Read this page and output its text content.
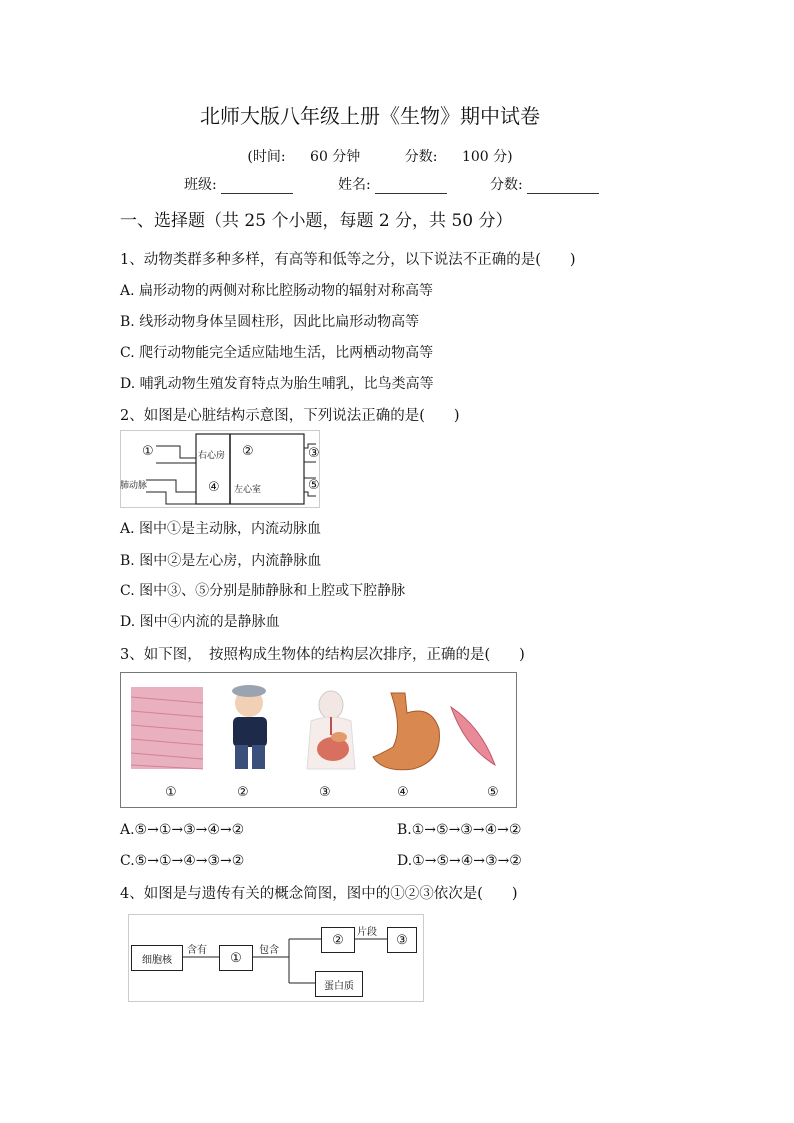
北师大版八年级上册《生物》期中试卷
(时间: 60 分钟	分数: 100 分)
班级:	姓名:	分数:
一、选择题（共 25 个小题，每题 2 分，共 50 分）
1、动物类群多种多样，有高等和低等之分，以下说法不正确的是(　　)
A. 扁形动物的两侧对称比腔肠动物的辐射对称高等
B. 线形动物身体呈圆柱形，因此比扁形动物高等
C. 爬行动物能完全适应陆地生活，比两栖动物高等
D. 哺乳动物生殖发育特点为胎生哺乳，比鸟类高等
2、如图是心脏结构示意图，下列说法正确的是(　　)
①	右心房 ②	③
肺动脉	④ 左心室	⑤
A. 图中①是主动脉，内流动脉血
B. 图中②是左心房，内流静脉血
C. 图中③、⑤分别是肺静脉和上腔或下腔静脉
D. 图中④内流的是静脉血
3、如下图，　按照构成生物体的结构层次排序，正确的是(　　)
①	②	③	④	⑤
A.⑤→①→③→④→②	B.①→⑤→③→④→②
C.⑤→①→④→③→②	D.①→⑤→④→③→②
4、如图是与遗传有关的概念简图，图中的①②③依次是(　　)
细胞核
含有 ① 包含
② 片段 ③
蛋白质
